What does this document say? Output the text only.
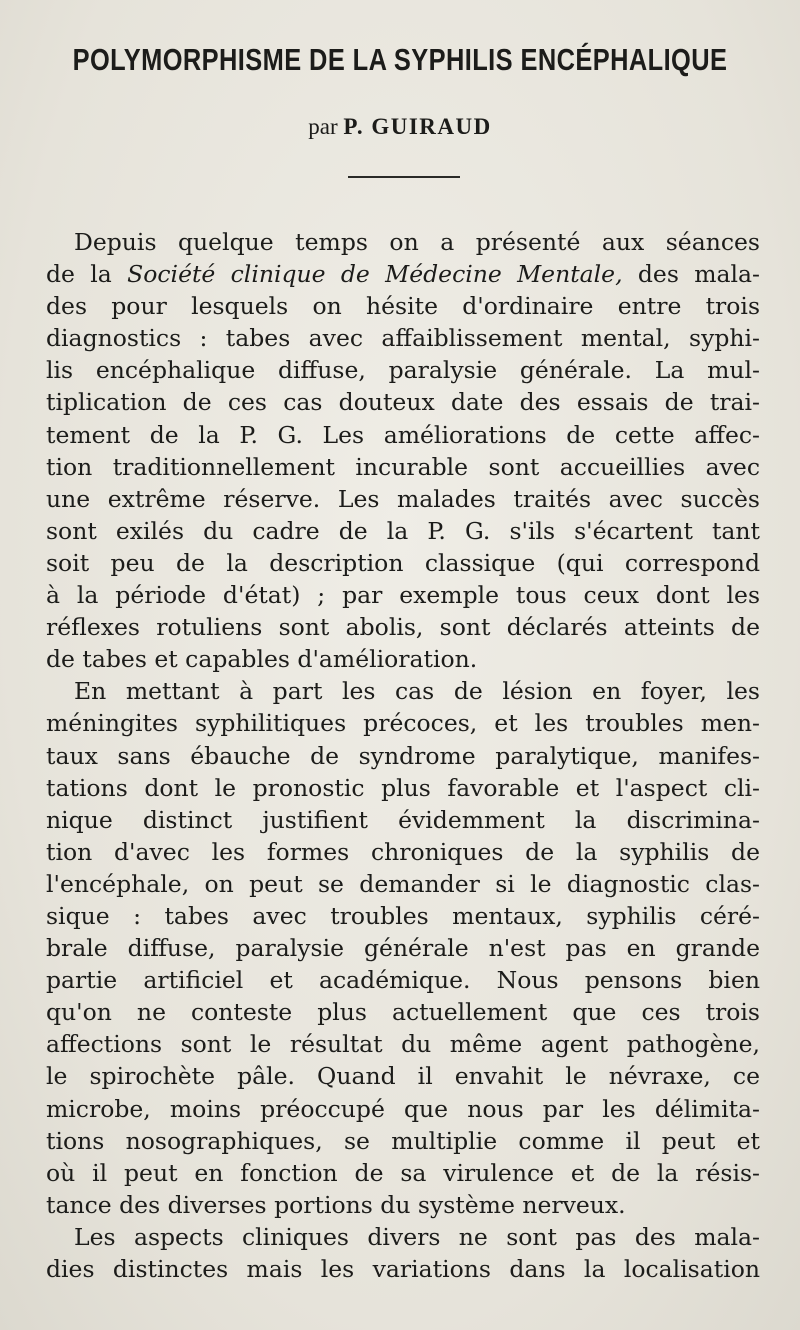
POLYMORPHISME DE LA SYPHILIS ENCÉPHALIQUE
par P. GUIRAUD
Depuis quelque temps on a présenté aux séances
de la Société clinique de Médecine Mentale, des mala-
des pour lesquels on hésite d'ordinaire entre trois
diagnostics : tabes avec affaiblissement mental, syphi-
lis encéphalique diffuse, paralysie générale. La mul-
tiplication de ces cas douteux date des essais de trai-
tement de la P. G. Les améliorations de cette affec-
tion traditionnellement incurable sont accueillies avec
une extrême réserve. Les malades traités avec succès
sont exilés du cadre de la P. G. s'ils s'écartent tant
soit peu de la description classique (qui correspond
à la période d'état) ; par exemple tous ceux dont les
réflexes rotuliens sont abolis, sont déclarés atteints de
de tabes et capables d'amélioration.
En mettant à part les cas de lésion en foyer, les
méningites syphilitiques précoces, et les troubles men-
taux sans ébauche de syndrome paralytique, manifes-
tations dont le pronostic plus favorable et l'aspect cli-
nique distinct justifient évidemment la discrimina-
tion d'avec les formes chroniques de la syphilis de
l'encéphale, on peut se demander si le diagnostic clas-
sique : tabes avec troubles mentaux, syphilis céré-
brale diffuse, paralysie générale n'est pas en grande
partie artificiel et académique. Nous pensons bien
qu'on ne conteste plus actuellement que ces trois
affections sont le résultat du même agent pathogène,
le spirochète pâle. Quand il envahit le névraxe, ce
microbe, moins préoccupé que nous par les délimita-
tions nosographiques, se multiplie comme il peut et
où il peut en fonction de sa virulence et de la résis-
tance des diverses portions du système nerveux.
Les aspects cliniques divers ne sont pas des mala-
dies distinctes mais les variations dans la localisation
